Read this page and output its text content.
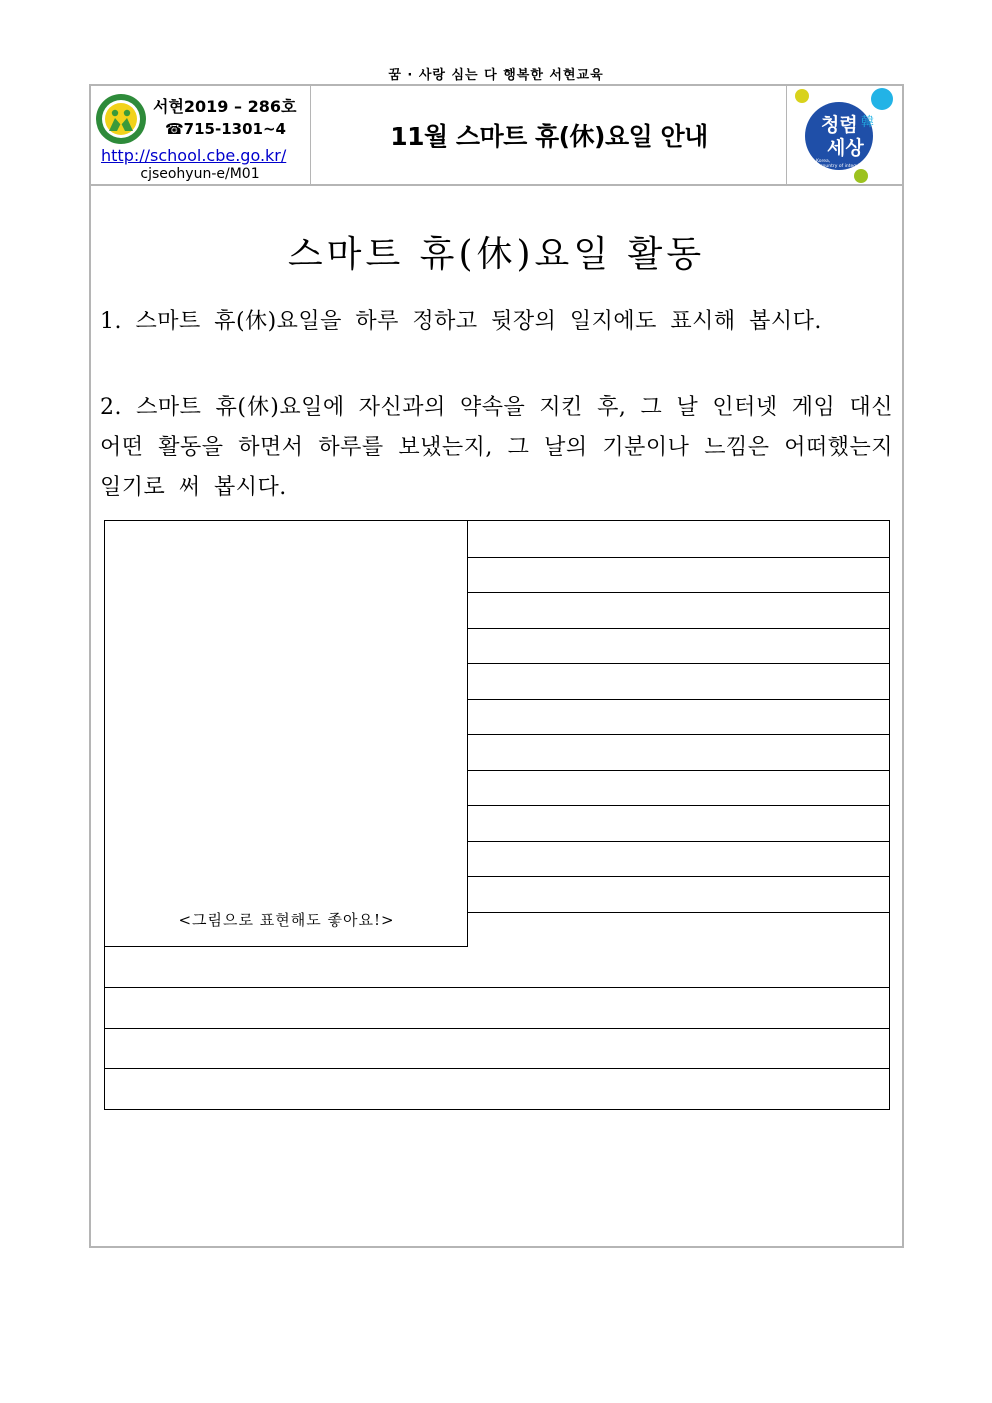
꿈 · 사랑 심는 다 행복한 서현교육
서현2019 – 286호
☎715-1301~4
http://school.cbe.go.kr/
cjseohyun-e/M01
11월 스마트 휴(休)요일 안내	청렴 韓
세상
Korea,
a country of integrity
스마트 휴(休)요일 활동
1. 스마트 휴(休)요일을 하루 정하고 뒷장의 일지에도 표시해 봅시다.
2. 스마트 휴(休)요일에 자신과의 약속을 지킨 후, 그 날 인터넷 게임 대신 어떤 활동을 하면서 하루를 보냈는지, 그 날의 기분이나 느낌은 어떠했는지 일기로 써 봅시다.
<그림으로 표현해도 좋아요!>
